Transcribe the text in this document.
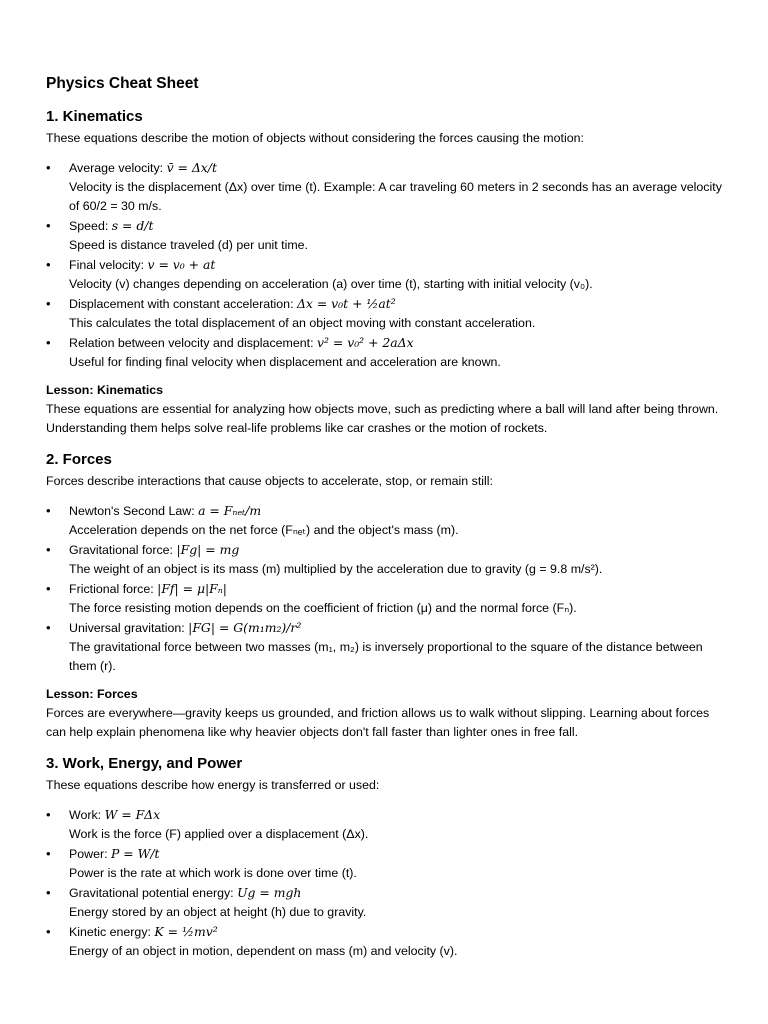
Physics Cheat Sheet
1. Kinematics

These equations describe the motion of objects without considering the forces causing the motion:

• Average velocity: v̄ = Δx/t
Velocity is the displacement (Δx) over time (t). Example: A car traveling 60 meters in 2 seconds has an average velocity of 60/2 = 30 m/s.
• Speed: s = d/t
Speed is distance traveled (d) per unit time.
• Final velocity: v = v₀ + at
Velocity (v) changes depending on acceleration (a) over time (t), starting with initial velocity (v₀).
• Displacement with constant acceleration: Δx = v₀t + ½at²
This calculates the total displacement of an object moving with constant acceleration.
• Relation between velocity and displacement: v² = v₀² + 2aΔx
Useful for finding final velocity when displacement and acceleration are known.

Lesson: Kinematics

These equations are essential for analyzing how objects move, such as predicting where a ball will land after being thrown. Understanding them helps solve real-life problems like car crashes or the motion of rockets.

2. Forces

Forces describe interactions that cause objects to accelerate, stop, or remain still:

• Newton's Second Law: a = Fₙₑₜ/m
Acceleration depends on the net force (Fₙₑₜ) and the object's mass (m).
• Gravitational force: |Fg| = mg
The weight of an object is its mass (m) multiplied by the acceleration due to gravity (g = 9.8 m/s²).
• Frictional force: |Ff| = μ|Fₙ|
The force resisting motion depends on the coefficient of friction (μ) and the normal force (Fₙ).
• Universal gravitation: |FG| = G(m₁m₂)/r²
The gravitational force between two masses (m₁, m₂) is inversely proportional to the square of the distance between them (r).

Lesson: Forces

Forces are everywhere—gravity keeps us grounded, and friction allows us to walk without slipping. Learning about forces can help explain phenomena like why heavier objects don't fall faster than lighter ones in free fall.

3. Work, Energy, and Power

These equations describe how energy is transferred or used:

• Work: W = FΔx
Work is the force (F) applied over a displacement (Δx).
• Power: P = W/t
Power is the rate at which work is done over time (t).
• Gravitational potential energy: Ug = mgh
Energy stored by an object at height (h) due to gravity.
• Kinetic energy: K = ½mv²
Energy of an object in motion, dependent on mass (m) and velocity (v).
